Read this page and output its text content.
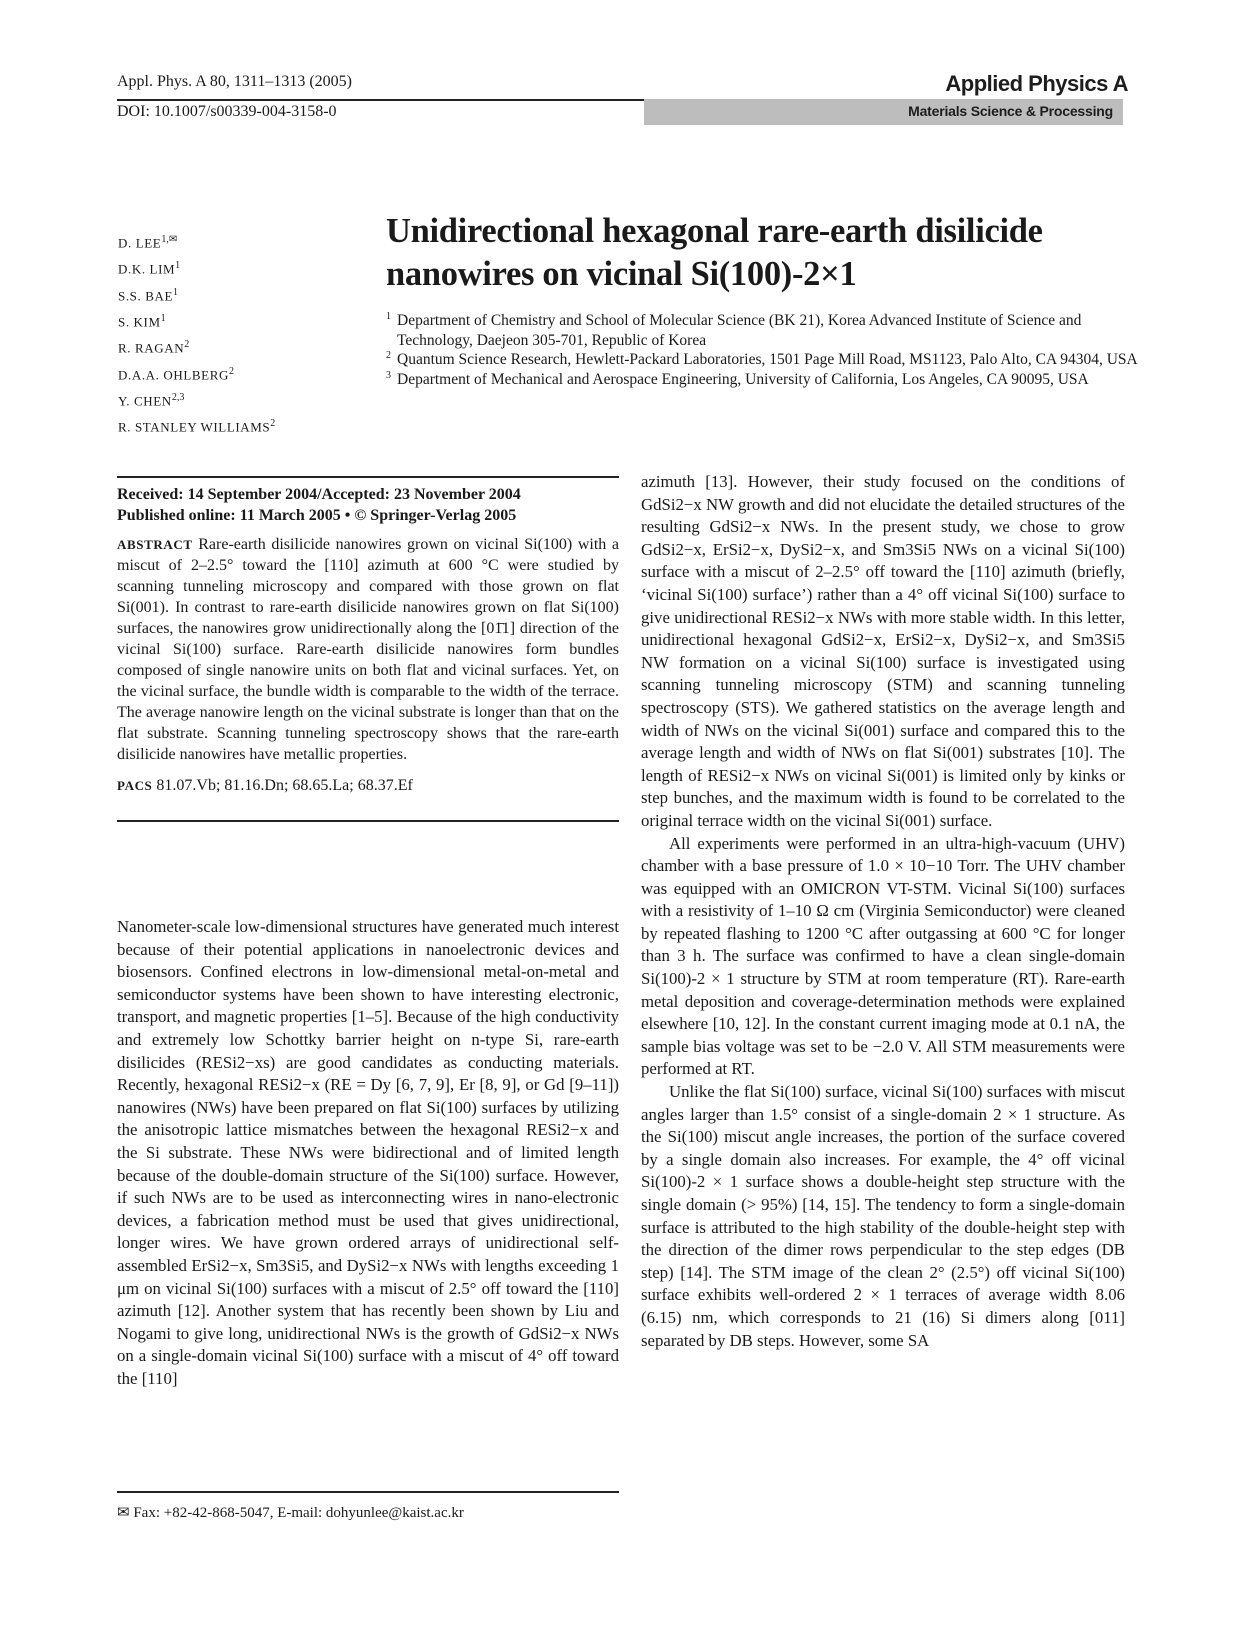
Appl. Phys. A 80, 1311–1313 (2005)
DOI: 10.1007/s00339-004-3158-0
Applied Physics A
Materials Science & Processing
D. $LEE^{1,✉}$
D.K. LIM$^1$
S.S. BAE$^1$
S. KIM$^1$
R. RAGAN$^2$
D.A.A. OHLBERG$^2$
Y. CHEN$^{2,3}$
R. STANLEY WILLIAMS$^2$
Unidirectional hexagonal rare-earth disilicide
nanowires on vicinal Si(100)-2×1
1 Department of Chemistry and School of Molecular Science (BK 21), Korea Advanced Institute of Science and Technology, Daejeon 305-701, Republic of Korea
2 Quantum Science Research, Hewlett-Packard Laboratories, 1501 Page Mill Road, MS1123, Palo Alto, CA 94304, USA
3 Department of Mechanical and Aerospace Engineering, University of California, Los Angeles, CA 90095, USA
Received: 14 September 2004/Accepted: 23 November 2004
Published online: 11 March 2005 • © Springer-Verlag 2005
ABSTRACT Rare-earth disilicide nanowires grown on vicinal Si(100) with a miscut of 2–2.5° toward the [110] azimuth at 600 °C were studied by scanning tunneling microscopy and compared with those grown on flat Si(001). In contrast to rare-earth disilicide nanowires grown on flat Si(100) surfaces, the nanowires grow unidirectionally along the [01̄1] direction of the vicinal Si(100) surface. Rare-earth disilicide nanowires form bundles composed of single nanowire units on both flat and vicinal surfaces. Yet, on the vicinal surface, the bundle width is comparable to the width of the terrace. The average nanowire length on the vicinal substrate is longer than that on the flat substrate. Scanning tunneling spectroscopy shows that the rare-earth disilicide nanowires have metallic properties.
PACS 81.07.Vb; 81.16.Dn; 68.65.La; 68.37.Ef

Nanometer-scale low-dimensional structures have generated much interest because of their potential applications in nanoelectronic devices and biosensors. Confined electrons in low-dimensional metal-on-metal and semiconductor systems have been shown to have interesting electronic, transport, and magnetic properties [1–5]. Because of the high conductivity and extremely low Schottky barrier height on n-type Si, rare-earth disilicides (RESi2−xs) are good candidates as conducting materials. Recently, hexagonal RESi2−x (RE = Dy [6, 7, 9], Er [8, 9], or Gd [9–11]) nanowires (NWs) have been prepared on flat Si(100) surfaces by utilizing the anisotropic lattice mismatches between the hexagonal RESi2−x and the Si substrate. These NWs were bidirectional and of limited length because of the double-domain structure of the Si(100) surface. However, if such NWs are to be used as interconnecting wires in nano-electronic devices, a fabrication method must be used that gives unidirectional, longer wires. We have grown ordered arrays of unidirectional self-assembled ErSi2−x, Sm3Si5, and DySi2−x NWs with lengths exceeding 1 μm on vicinal Si(100) surfaces with a miscut of 2.5° off toward the [110] azimuth [12]. Another system that has recently been shown by Liu and Nogami to give long, unidirectional NWs is the growth of GdSi2−x NWs on a single-domain vicinal Si(100) surface with a miscut of 4° off toward the [110]

✉ Fax: +82-42-868-5047, E-mail: dohyunlee@kaist.ac.kr

azimuth [13]. However, their study focused on the conditions of GdSi2−x NW growth and did not elucidate the detailed structures of the resulting GdSi2−x NWs. In the present study, we chose to grow GdSi2−x, ErSi2−x, DySi2−x, and Sm3Si5 NWs on a vicinal Si(100) surface with a miscut of 2–2.5° off toward the [110] azimuth (briefly, ‘vicinal Si(100) surface’) rather than a 4° off vicinal Si(100) surface to give unidirectional RESi2−x NWs with more stable width. In this letter, unidirectional hexagonal GdSi2−x, ErSi2−x, DySi2−x, and Sm3Si5 NW formation on a vicinal Si(100) surface is investigated using scanning tunneling microscopy (STM) and scanning tunneling spectroscopy (STS). We gathered statistics on the average length and width of NWs on the vicinal Si(001) surface and compared this to the average length and width of NWs on flat Si(001) substrates [10]. The length of RESi2−x NWs on vicinal Si(001) is limited only by kinks or step bunches, and the maximum width is found to be correlated to the original terrace width on the vicinal Si(001) surface.

All experiments were performed in an ultra-high-vacuum (UHV) chamber with a base pressure of 1.0 × 10−10 Torr. The UHV chamber was equipped with an OMICRON VT-STM. Vicinal Si(100) surfaces with a resistivity of 1–10 Ω cm (Virginia Semiconductor) were cleaned by repeated flashing to 1200 °C after outgassing at 600 °C for longer than 3 h. The surface was confirmed to have a clean single-domain Si(100)-2 × 1 structure by STM at room temperature (RT). Rare-earth metal deposition and coverage-determination methods were explained elsewhere [10, 12]. In the constant current imaging mode at 0.1 nA, the sample bias voltage was set to be −2.0 V. All STM measurements were performed at RT.

Unlike the flat Si(100) surface, vicinal Si(100) surfaces with miscut angles larger than 1.5° consist of a single-domain 2 × 1 structure. As the Si(100) miscut angle increases, the portion of the surface covered by a single domain also increases. For example, the 4° off vicinal Si(100)-2 × 1 surface shows a double-height step structure with the single domain (> 95%) [14, 15]. The tendency to form a single-domain surface is attributed to the high stability of the double-height step with the direction of the dimer rows perpendicular to the step edges (DB step) [14]. The STM image of the clean 2° (2.5°) off vicinal Si(100) surface exhibits well-ordered 2 × 1 terraces of average width 8.06 (6.15) nm, which corresponds to 21 (16) Si dimers along [011] separated by DB steps. However, some SA
